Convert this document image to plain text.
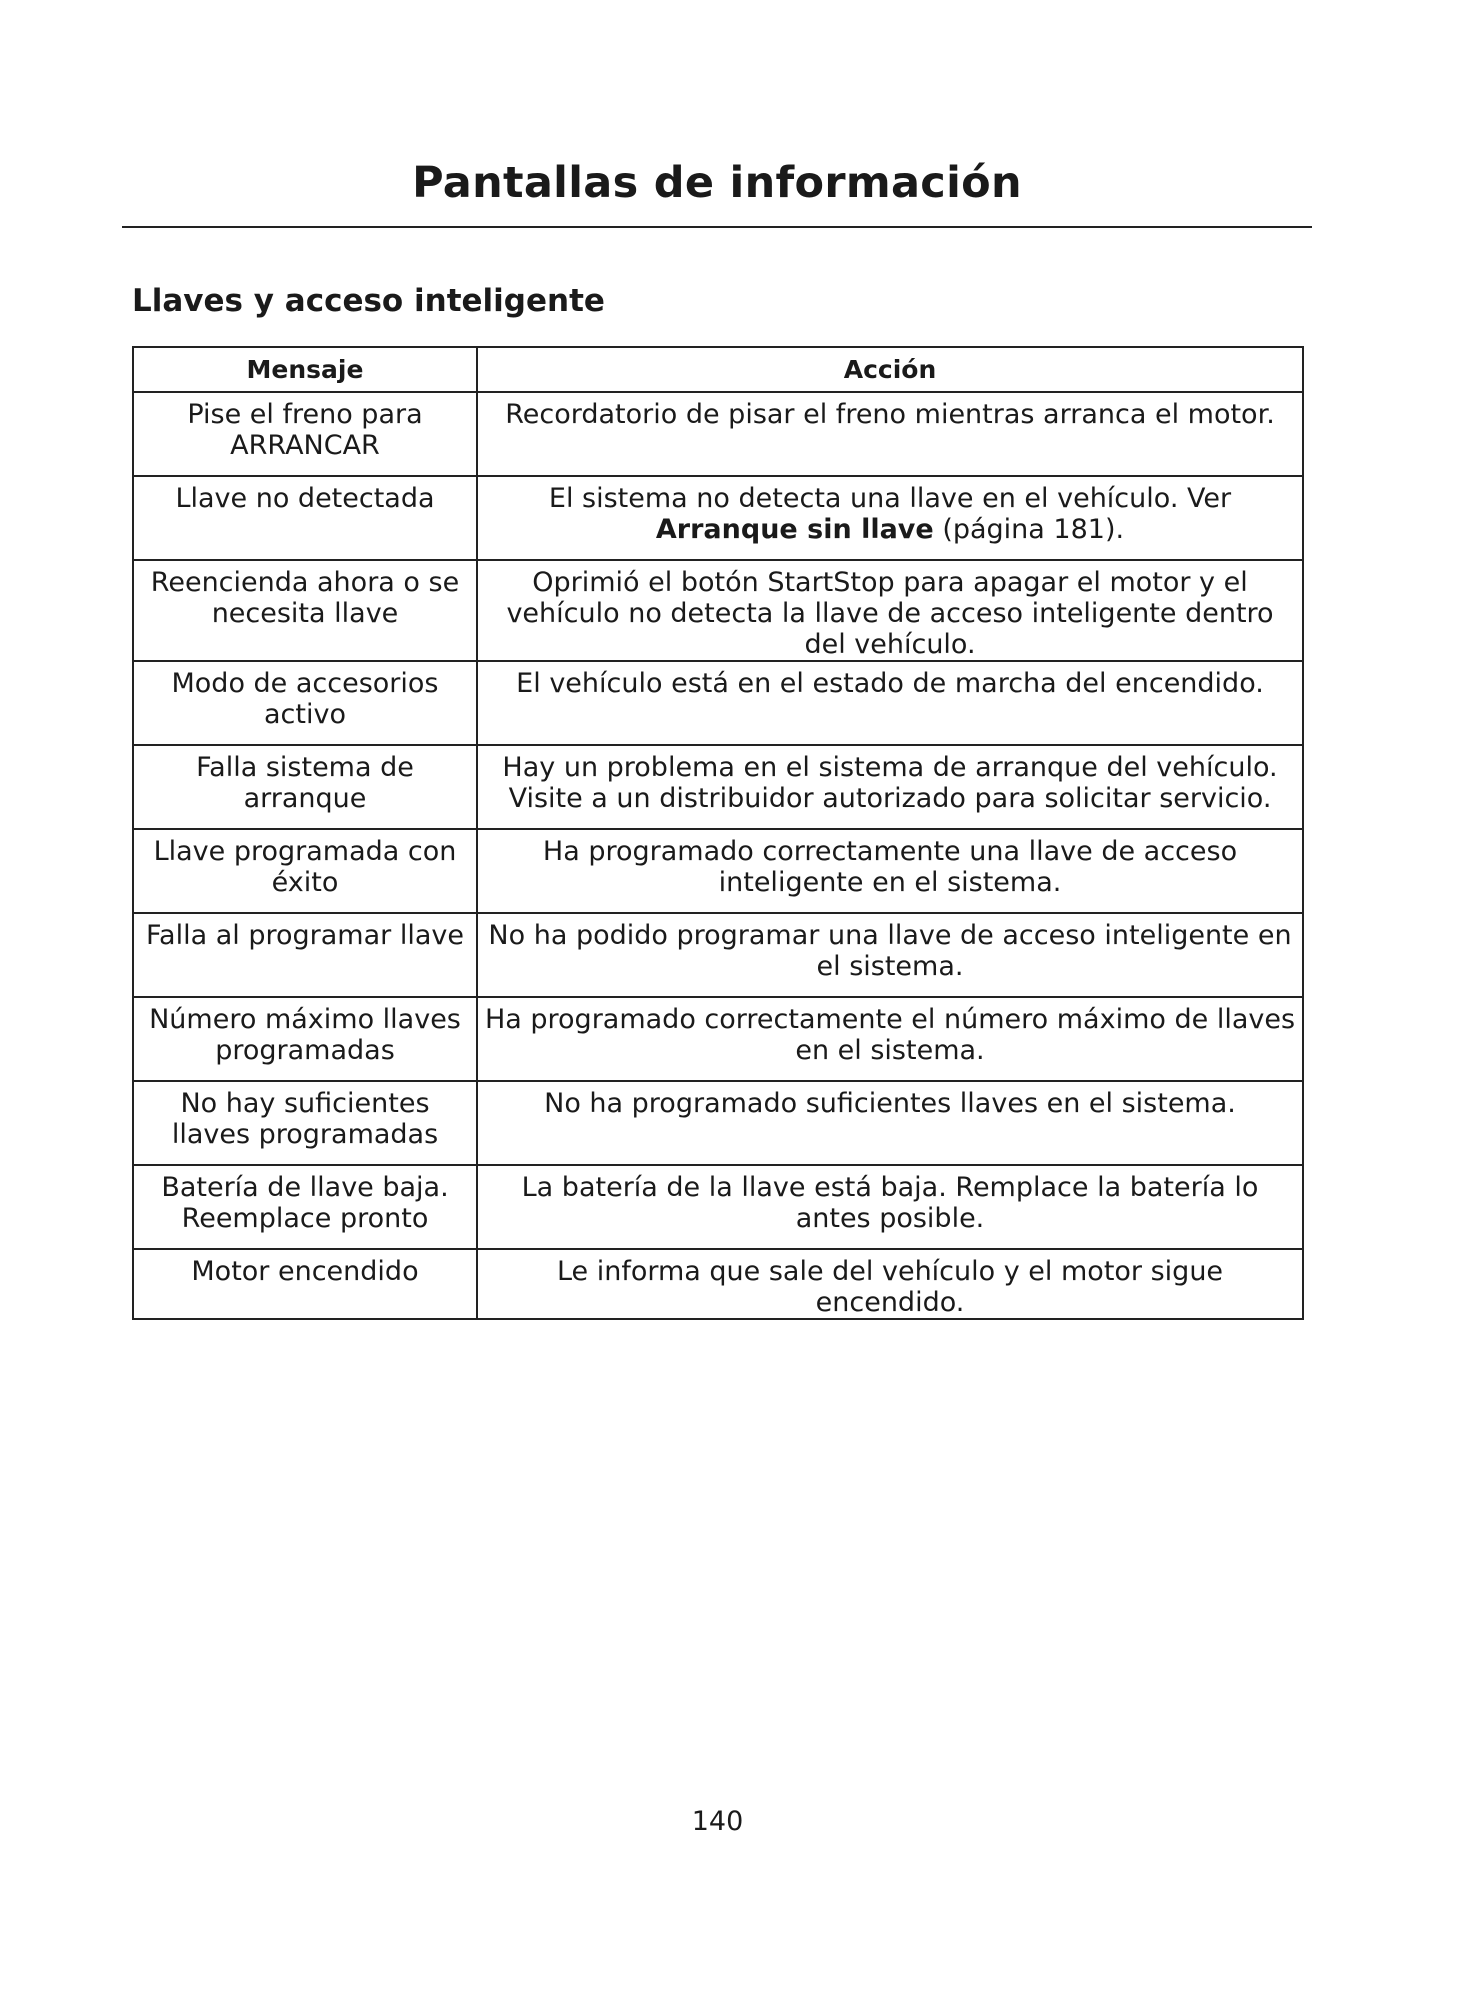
Pantallas de información
Llaves y acceso inteligente
Mensaje	Acción
Pise el freno para ARRANCAR	Recordatorio de pisar el freno mientras arranca el motor.
Llave no detectada	El sistema no detecta una llave en el vehículo. Ver Arranque sin llave (página 181).
Reencienda ahora o se necesita llave	Oprimió el botón StartStop para apagar el motor y el vehículo no detecta la llave de acceso inteligente dentro del vehículo.
Modo de accesorios activo	El vehículo está en el estado de marcha del encendido.
Falla sistema de arranque	Hay un problema en el sistema de arranque del vehículo. Visite a un distribuidor autorizado para solicitar servicio.
Llave programada con éxito	Ha programado correctamente una llave de acceso inteligente en el sistema.
Falla al programar llave	No ha podido programar una llave de acceso inteligente en el sistema.
Número máximo llaves programadas	Ha programado correctamente el número máximo de llaves en el sistema.
No hay suficientes llaves programadas	No ha programado suficientes llaves en el sistema.
Batería de llave baja. Reemplace pronto	La batería de la llave está baja. Remplace la batería lo antes posible.
Motor encendido	Le informa que sale del vehículo y el motor sigue encendido.
140
